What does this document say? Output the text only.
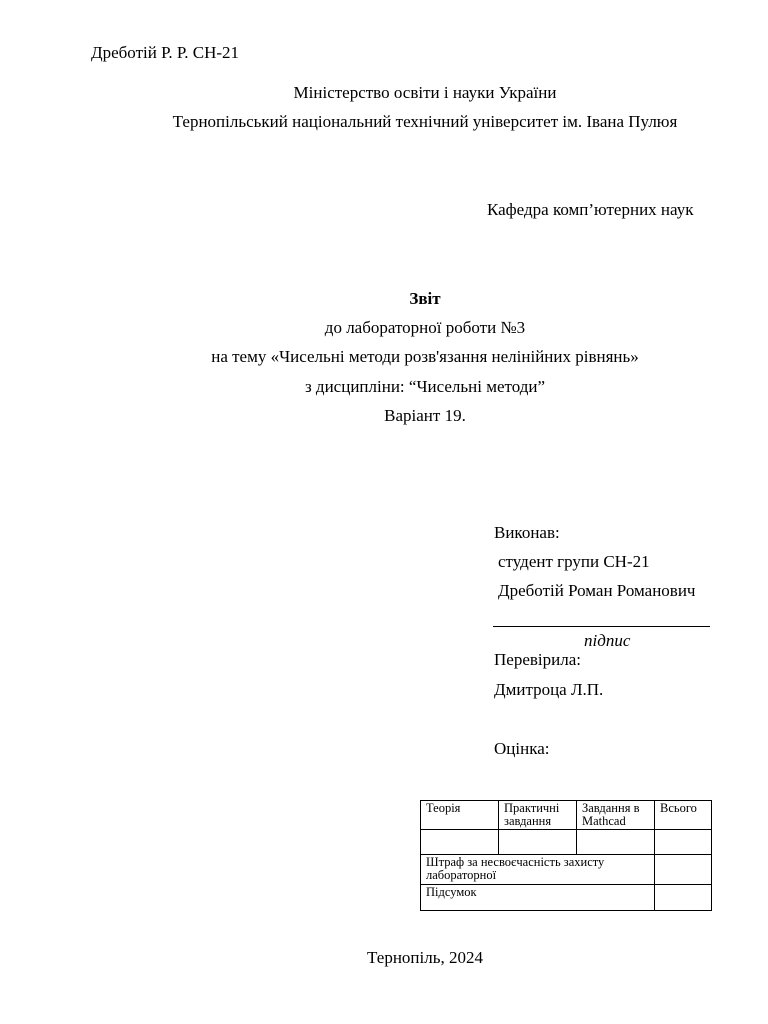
Дреботій Р. Р. СН-21
Міністерство освіти і науки України
Тернопільський національний технічний університет ім. Івана Пулюя
Кафедра комп’ютерних наук
Звіт
до лабораторної роботи №3
на тему «Чисельні методи розв'язання нелінійних рівнянь»
з дисципліни: “Чисельні методи”
Варіант 19.
Виконав:
студент групи СН-21
Дреботій Роман Романович
підпис
Перевірила:
Дмитроца Л.П.
Оцінка:
Теорія	Практичні завдання	Завдання в Mathcad	Всього

Штраф за несвоєчасність захисту лабораторної			
Підсумок			
Тернопіль, 2024
